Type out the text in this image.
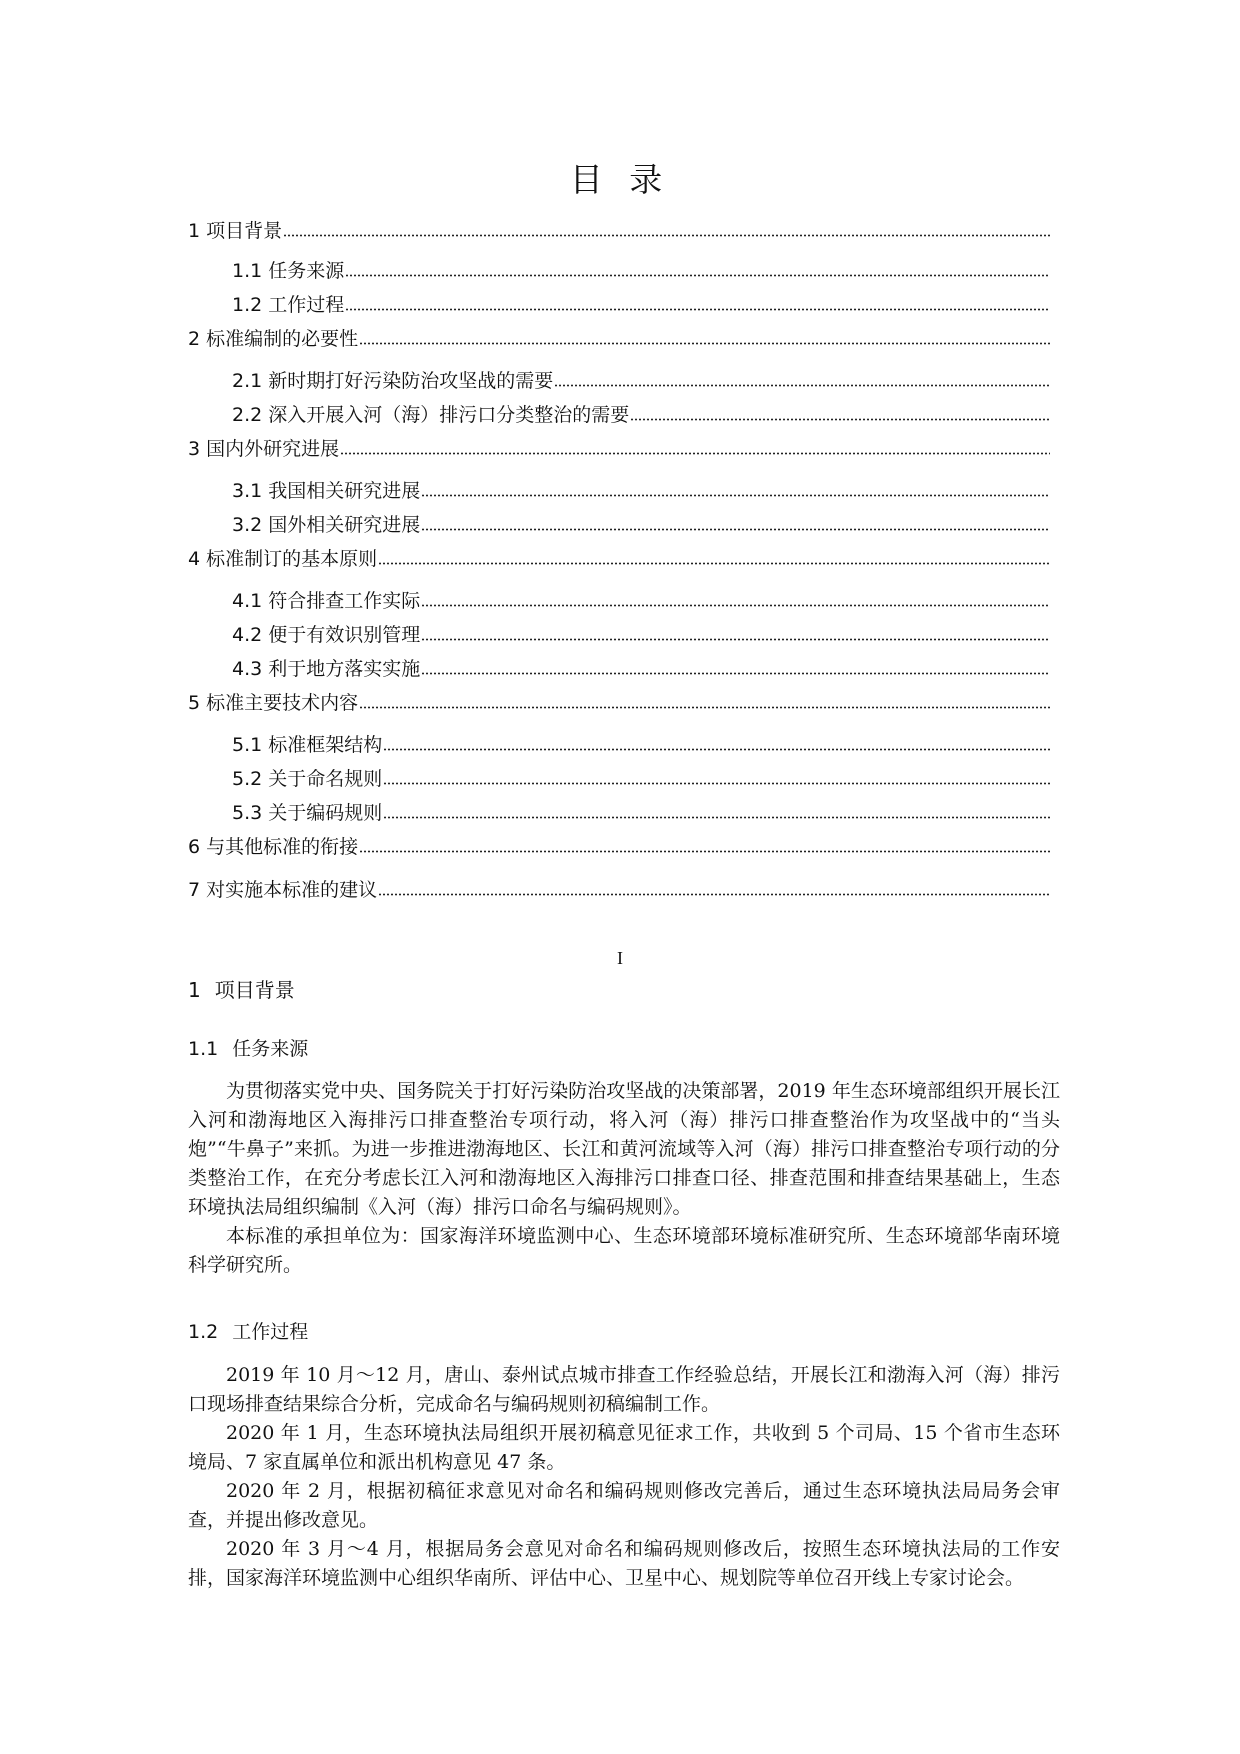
目 录
1 项目背景
1.1 任务来源
1.2 工作过程
2 标准编制的必要性
2.1 新时期打好污染防治攻坚战的需要
2.2 深入开展入河（海）排污口分类整治的需要
3 国内外研究进展
3.1 我国相关研究进展
3.2 国外相关研究进展
4 标准制订的基本原则
4.1 符合排查工作实际
4.2 便于有效识别管理
4.3 利于地方落实实施
5 标准主要技术内容
5.1 标准框架结构
5.2 关于命名规则
5.3 关于编码规则
6 与其他标准的衔接
7 对实施本标准的建议
I
1 项目背景
1.1 任务来源

为贯彻落实党中央、国务院关于打好污染防治攻坚战的决策部署，2019 年生态环境部组织开展长江入河和渤海地区入海排污口排查整治专项行动，将入河（海）排污口排查整治作为攻坚战中的“当头炮”“牛鼻子”来抓。为进一步推进渤海地区、长江和黄河流域等入河（海）排污口排查整治专项行动的分类整治工作，在充分考虑长江入河和渤海地区入海排污口排查口径、排查范围和排查结果基础上，生态环境执法局组织编制《入河（海）排污口命名与编码规则》。

本标准的承担单位为：国家海洋环境监测中心、生态环境部环境标准研究所、生态环境部华南环境科学研究所。

1.2 工作过程

2019 年 10 月～12 月，唐山、泰州试点城市排查工作经验总结，开展长江和渤海入河（海）排污口现场排查结果综合分析，完成命名与编码规则初稿编制工作。

2020 年 1 月，生态环境执法局组织开展初稿意见征求工作，共收到 5 个司局、15 个省市生态环境局、7 家直属单位和派出机构意见 47 条。

2020 年 2 月，根据初稿征求意见对命名和编码规则修改完善后，通过生态环境执法局局务会审查，并提出修改意见。

2020 年 3 月～4 月，根据局务会意见对命名和编码规则修改后，按照生态环境执法局的工作安排，国家海洋环境监测中心组织华南所、评估中心、卫星中心、规划院等单位召开线上专家讨论会。
